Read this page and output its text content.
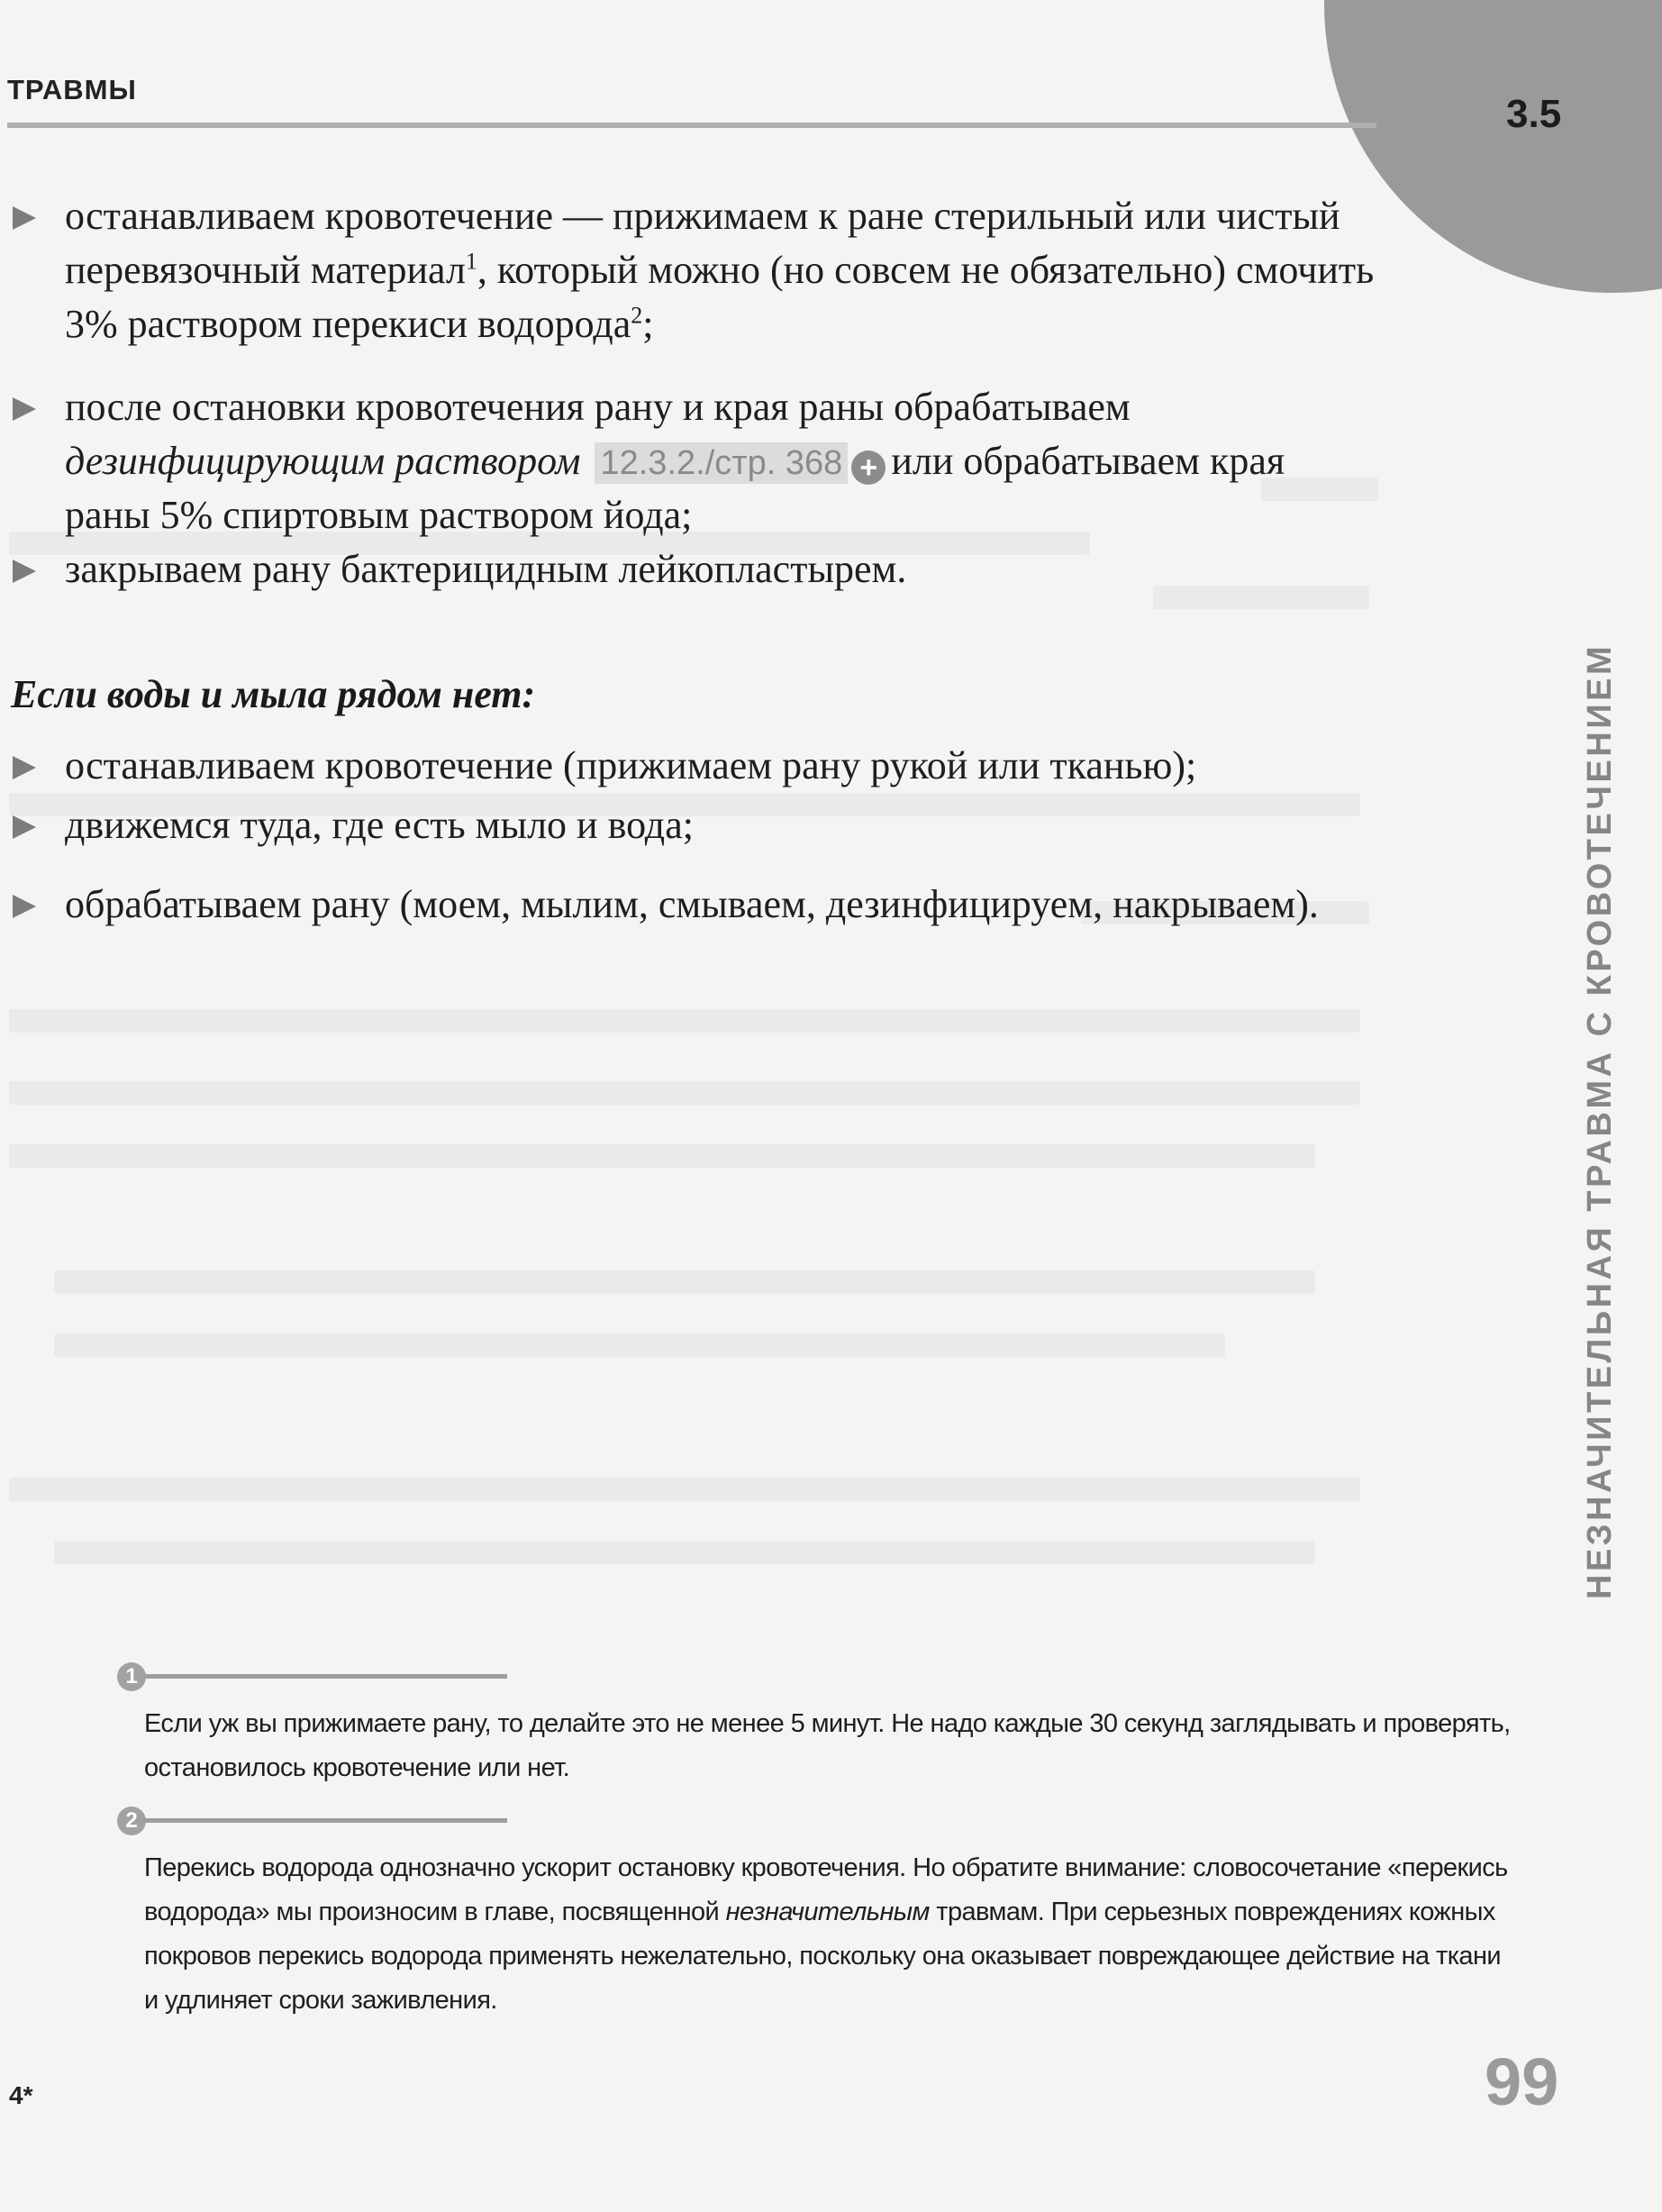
3.5
ТРАВМЫ
останавливаем кровотечение — прижимаем к ране стерильный или чистый перевязочный материал$^1$, который можно (но совсем не обязательно) смочить 3% раствором перекиси водорода$^2$;
после остановки кровотечения рану и края раны обрабатываем дезинфицирующим раствором 12.3.2./стр. 368 + или обрабатываем края раны 5% спиртовым раствором йода;
закрываем рану бактерицидным лейкопластырем.
Если воды и мыла рядом нет:
останавливаем кровотечение (прижимаем рану рукой или тканью);
движемся туда, где есть мыло и вода;
обрабатываем рану (моем, мылим, смываем, дезинфицируем, накрываем).	НЕЗНАЧИТЕЛЬНАЯ ТРАВМА С КРОВОТЕЧЕНИЕМ
1
Если уж вы прижимаете рану, то делайте это не менее 5 минут. Не надо каждые 30 секунд заглядывать и проверять, остановилось кровотечение или нет.
2
Перекись водорода однозначно ускорит остановку кровотечения. Но обратите внимание: словосочетание «перекись водорода» мы произносим в главе, посвященной незначительным травмам. При серьезных повреждениях кожных покровов перекись водорода применять нежелательно, поскольку она оказывает повреждающее действие на ткани и удлиняет сроки заживления.
4*	99
